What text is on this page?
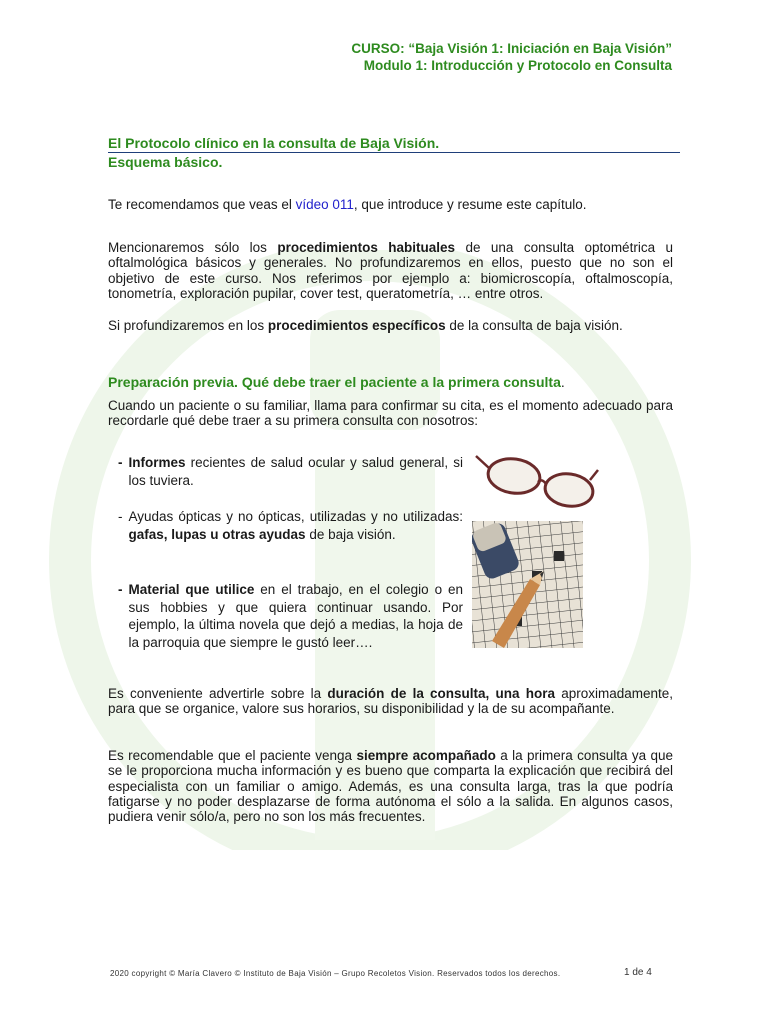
CURSO: “Baja Visión 1: Iniciación en Baja Visión”
Modulo 1: Introducción y Protocolo en Consulta
El Protocolo clínico en la consulta de Baja Visión.
Esquema básico.
Te recomendamos que veas el vídeo 011, que introduce y resume este capítulo.
Mencionaremos sólo los procedimientos habituales de una consulta optométrica u oftalmológica básicos y generales. No profundizaremos en ellos, puesto que no son el objetivo de este curso. Nos referimos por ejemplo a: biomicroscopía, oftalmoscopía, tonometría, exploración pupilar, cover test, queratometría, … entre otros.
Si profundizaremos en los procedimientos específicos de la consulta de baja visión.
Preparación previa. Qué debe traer el paciente a la primera consulta.
Cuando un paciente o su familiar, llama para confirmar su cita, es el momento adecuado para recordarle qué debe traer a su primera consulta con nosotros:
- Informes recientes de salud ocular y salud general, si los tuviera.
- Ayudas ópticas y no ópticas, utilizadas y no utilizadas: gafas, lupas u otras ayudas de baja visión.
- Material que utilice en el trabajo, en el colegio o en sus hobbies y que quiera continuar usando. Por ejemplo, la última novela que dejó a medias, la hoja de la parroquia que siempre le gustó leer….
Es conveniente advertirle sobre la duración de la consulta, una hora aproximadamente, para que se organice, valore sus horarios, su disponibilidad y la de su acompañante.
Es recomendable que el paciente venga siempre acompañado a la primera consulta ya que se le proporciona mucha información y es bueno que comparta la explicación que recibirá del especialista con un familiar o amigo. Además, es una consulta larga, tras la que podría fatigarse y no poder desplazarse de forma autónoma el sólo a la salida. En algunos casos, pudiera venir sólo/a, pero no son los más frecuentes.
2020 copyright © María Clavero © Instituto de Baja Visión – Grupo Recoletos Vision. Reservados todos los derechos.	1 de 4
